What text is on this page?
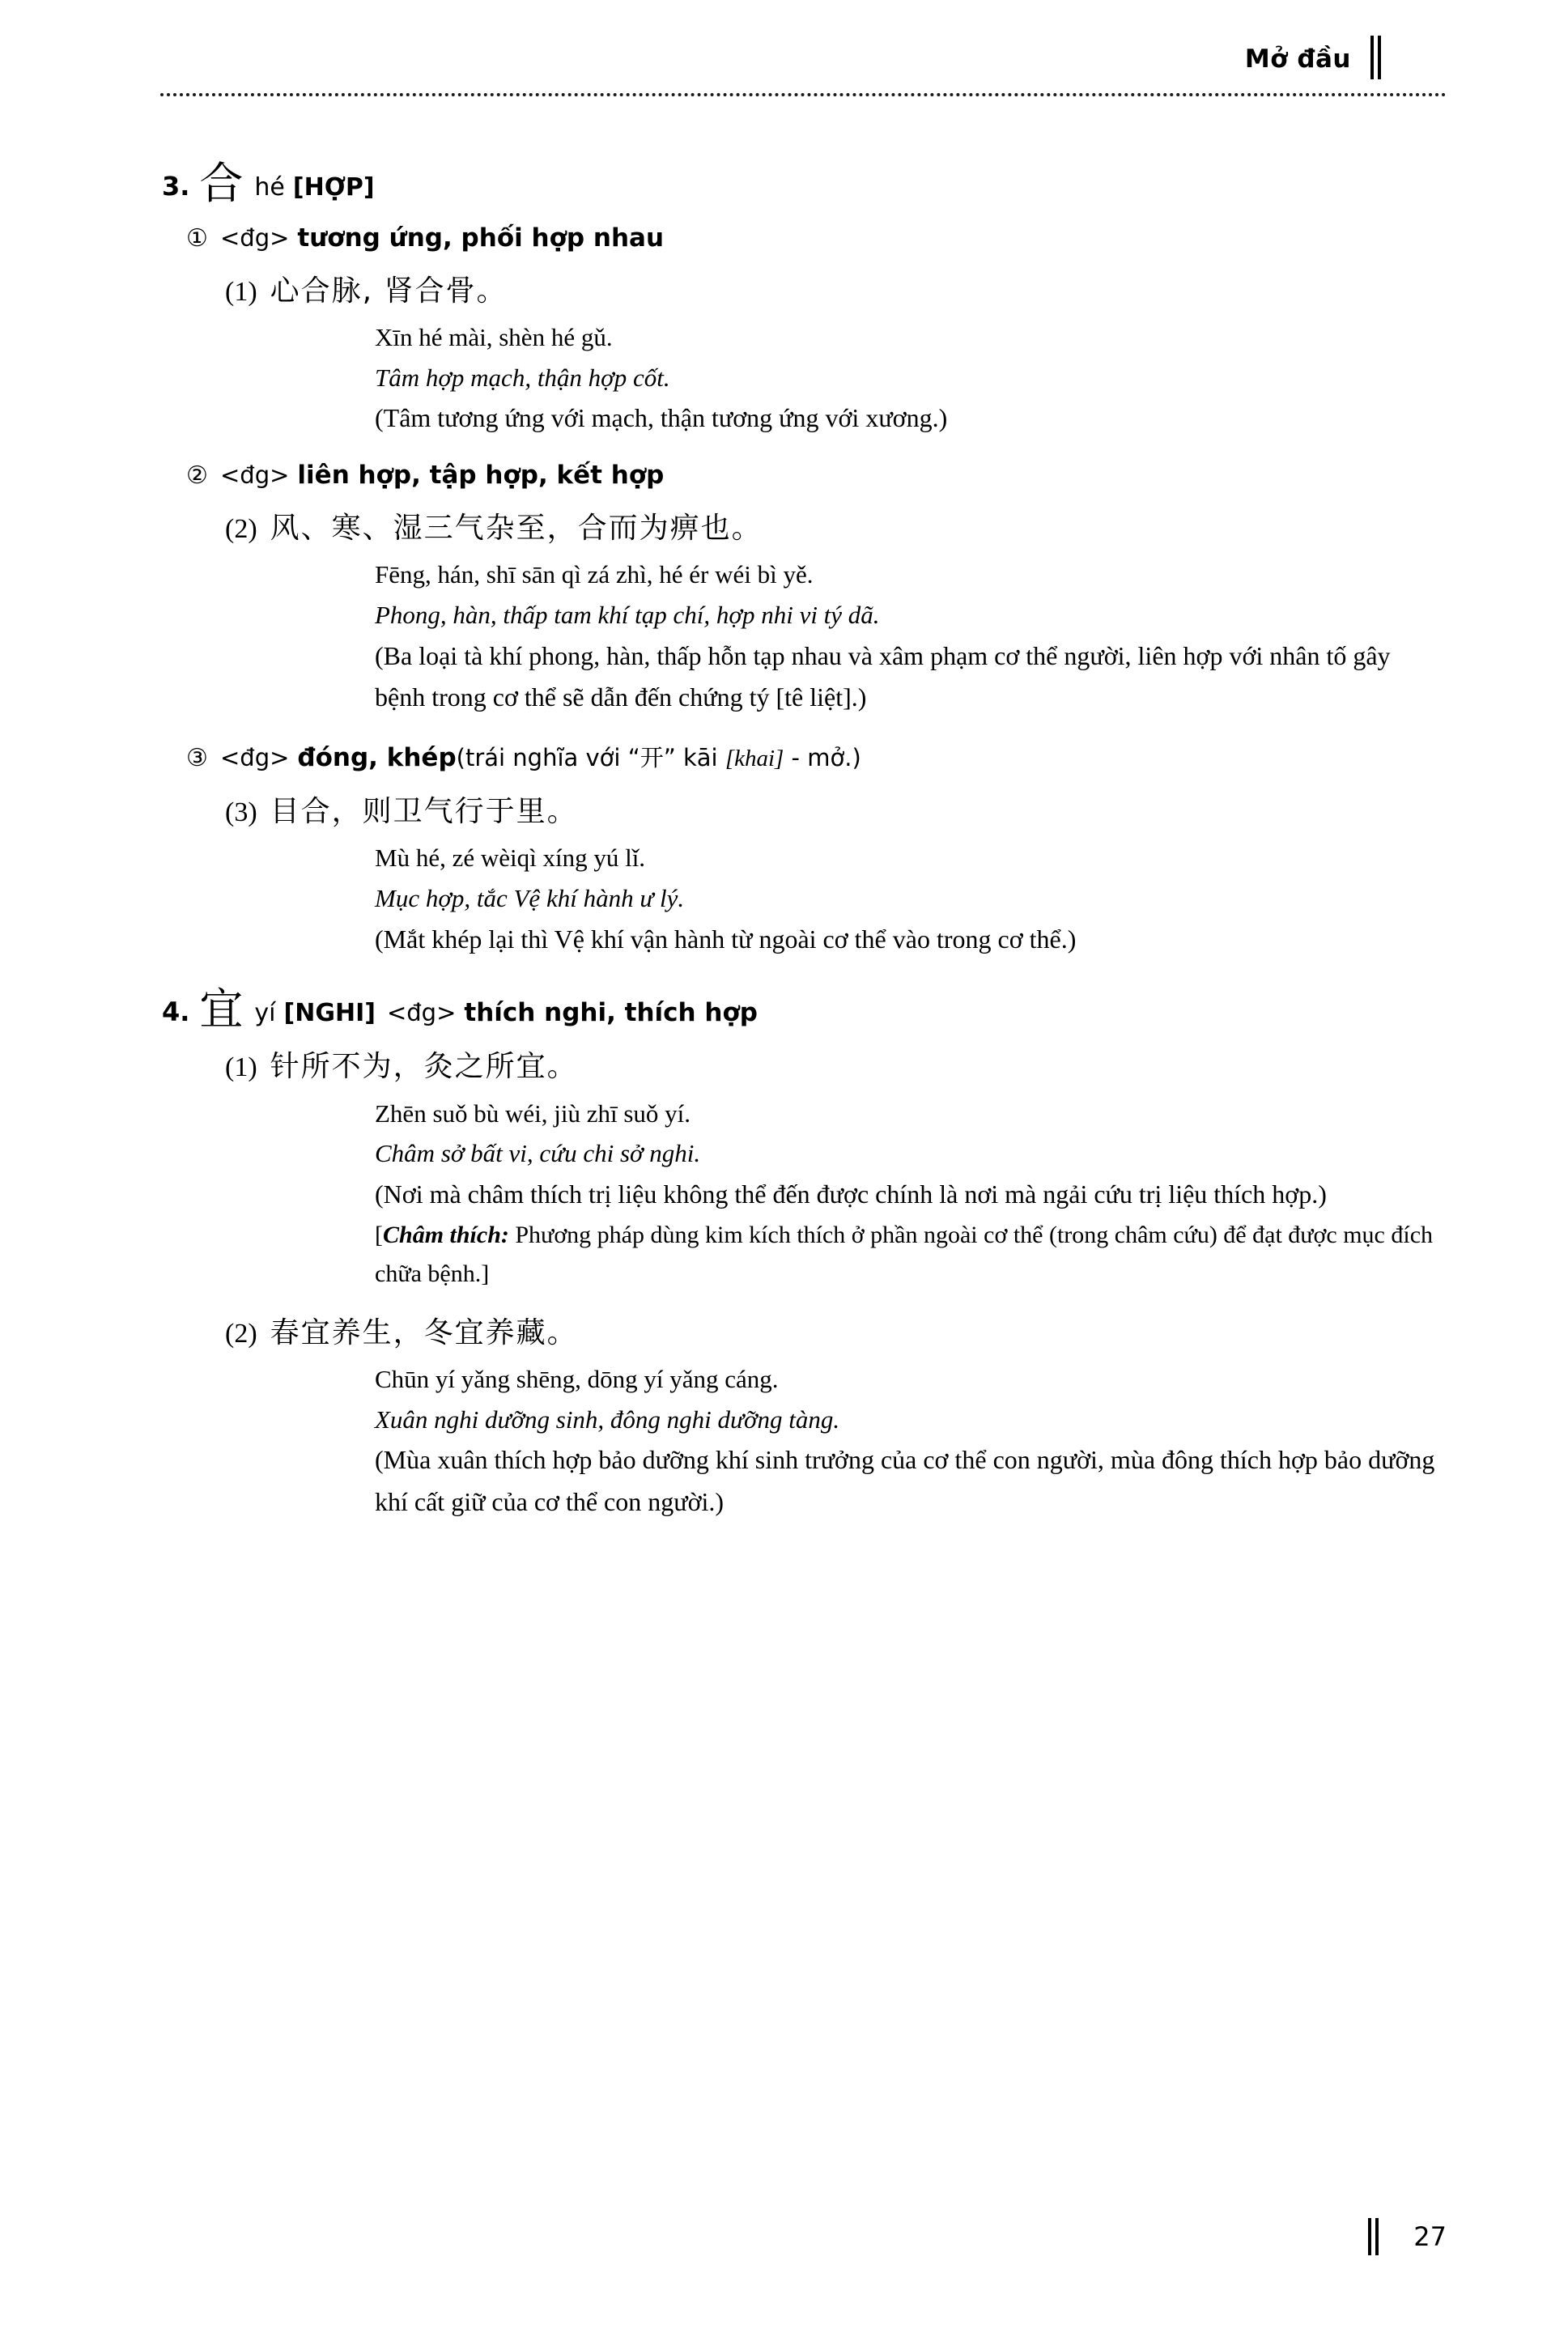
Mở đầu
3. 合 hé [HỢP]
① <đg> tương ứng, phối hợp nhau
(1) 心合脉, 肾合骨。
Xīn hé mài, shèn hé gǔ.
Tâm hợp mạch, thận hợp cốt.
(Tâm tương ứng với mạch, thận tương ứng với xương.)
② <đg> liên hợp, tập hợp, kết hợp
(2) 风、寒、湿三气杂至，合而为痹也。
Fēng, hán, shī sān qì zá zhì, hé ér wéi bì yě.
Phong, hàn, thấp tam khí tạp chí, hợp nhi vi tý dã.
(Ba loại tà khí phong, hàn, thấp hỗn tạp nhau và xâm phạm cơ thể người, liên hợp với nhân tố gây bệnh trong cơ thể sẽ dẫn đến chứng tý [tê liệt].)
③ <đg> đóng, khép (trái nghĩa với “开” kāi [khai] - mở.)
(3) 目合，则卫气行于里。
Mù hé, zé wèiqì xíng yú lǐ.
Mục hợp, tắc Vệ khí hành ư lý.
(Mắt khép lại thì Vệ khí vận hành từ ngoài cơ thể vào trong cơ thể.)
4. 宜 yí [NGHI] <đg> thích nghi, thích hợp
(1) 针所不为，灸之所宜。
Zhēn suǒ bù wéi, jiù zhī suǒ yí.
Châm sở bất vi, cứu chi sở nghi.
(Nơi mà châm thích trị liệu không thể đến được chính là nơi mà ngải cứu trị liệu thích hợp.)
[Châm thích: Phương pháp dùng kim kích thích ở phần ngoài cơ thể (trong châm cứu) để đạt được mục đích chữa bệnh.]
(2) 春宜养生，冬宜养藏。
Chūn yí yǎng shēng, dōng yí yǎng cáng.
Xuân nghi dưỡng sinh, đông nghi dưỡng tàng.
(Mùa xuân thích hợp bảo dưỡng khí sinh trưởng của cơ thể con người, mùa đông thích hợp bảo dưỡng khí cất giữ của cơ thể con người.)
27
